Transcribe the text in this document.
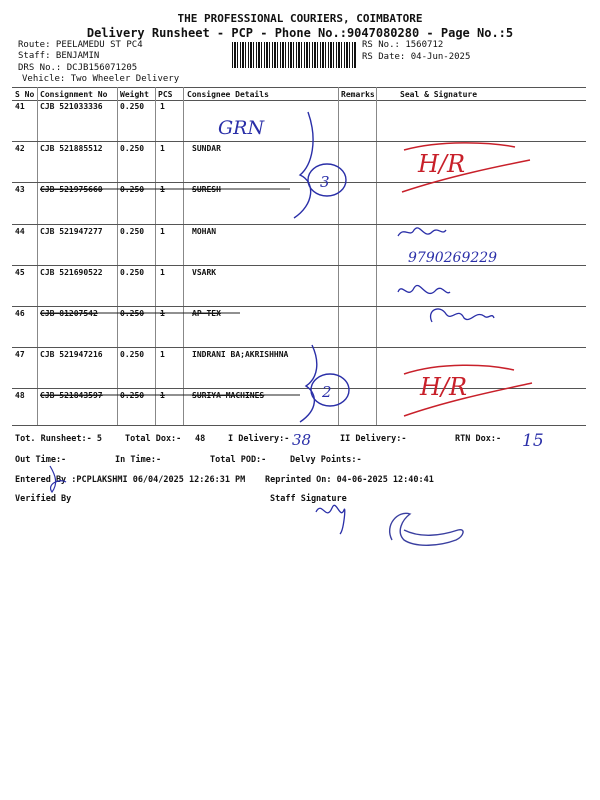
THE PROFESSIONAL COURIERS, COIMBATORE
Delivery Runsheet - PCP - Phone No.:9047080280 - Page No.:5
Route: PEELAMEDU ST PC4
Staff: BENJAMIN
DRS No.: DCJB156071205
Vehicle: Two Wheeler Delivery
RS No.: 1560712
RS Date: 04-Jun-2025
S No Consignment No Weight PCS Consignee Details	Remarks	Seal & Signature
41 CJB 521033336 0.250 1
42 CJB 521885512 0.250 1	SUNDAR
43 CJB 521975660 0.250 1	SURESH
44 CJB 521947277 0.250 1	MOHAN
45 CJB 521690522 0.250 1	VSARK
46 CJB 81207542	0.250 1	AP TEX
47 CJB 521947216 0.250 1	INDRANI BA;AKRISHHNA
48 CJB 521843597 0.250 1	SURIYA MACHINES
Tot. Runsheet:- 5	Total Dox:- 48	I Delivery:-	II Delivery:-	RTN Dox:-
Out Time:-	In Time:-	Total POD:-	Delvy Points:-
Entered By :PCPLAKSHMI 06/04/2025 12:26:31 PM Reprinted On: 04-06-2025 12:40:41
Verified By	Staff Signature
GRN
3
H/R
9790269229
2	H/R
38	15
